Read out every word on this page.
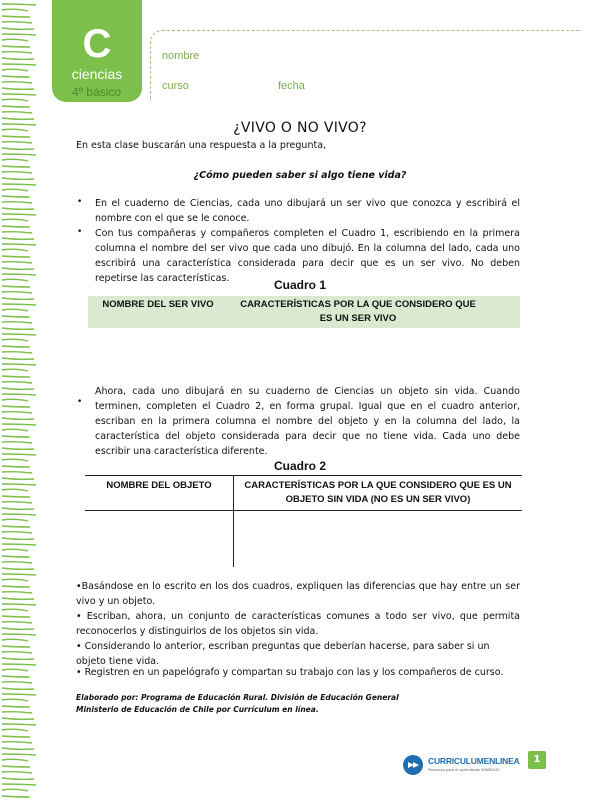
C
ciencias
4º básico
nombre
curso	fecha
¿VIVO O NO VIVO?
En esta clase buscarán una respuesta a la pregunta,
¿Cómo pueden saber si algo tiene vida?
• En el cuaderno de Ciencias, cada uno dibujará un ser vivo que conozca y escribirá el nombre con el que se le conoce.
• Con tus compañeras y compañeros completen el Cuadro 1, escribiendo en la primera columna el nombre del ser vivo que cada uno dibujó. En la columna del lado, cada uno escribirá una característica considerada para decir que es un ser vivo. No deben repetirse las características.	Cuadro 1
NOMBRE DEL SER VIVO	CARACTERÍSTICAS POR LA QUE CONSIDERO QUE ES UN SER VIVO
•
Ahora, cada uno dibujará en su cuaderno de Ciencias un objeto sin vida. Cuando terminen, completen el Cuadro 2, en forma grupal. Igual que en el cuadro anterior, escriban en la primera columna el nombre del objeto y en la columna del lado, la característica del objeto considerada para decir que no tiene vida. Cada uno debe escribir una característica diferente.
Cuadro 2
NOMBRE DEL OBJETO	CARACTERÍSTICAS POR LA QUE CONSIDERO QUE ES UN OBJETO SIN VIDA (NO ES UN SER VIVO)
•Basándose en lo escrito en los dos cuadros, expliquen las diferencias que hay entre un ser vivo y un objeto.
• Escriban, ahora, un conjunto de características comunes a todo ser vivo, que permita reconocerlos y distinguirlos de los objetos sin vida.
• Considerando lo anterior, escriban preguntas que deberían hacerse, para saber si un objeto tiene vida.
• Registren en un papelógrafo y compartan su trabajo con las y los compañeros de curso.
Elaborado por: Programa de Educación Rural. División de Educación General
Ministerio de Educación de Chile por Currículum en línea.
CURRICULUMENLINEA
Recursos para el aprendizaje MINEDUC
1
